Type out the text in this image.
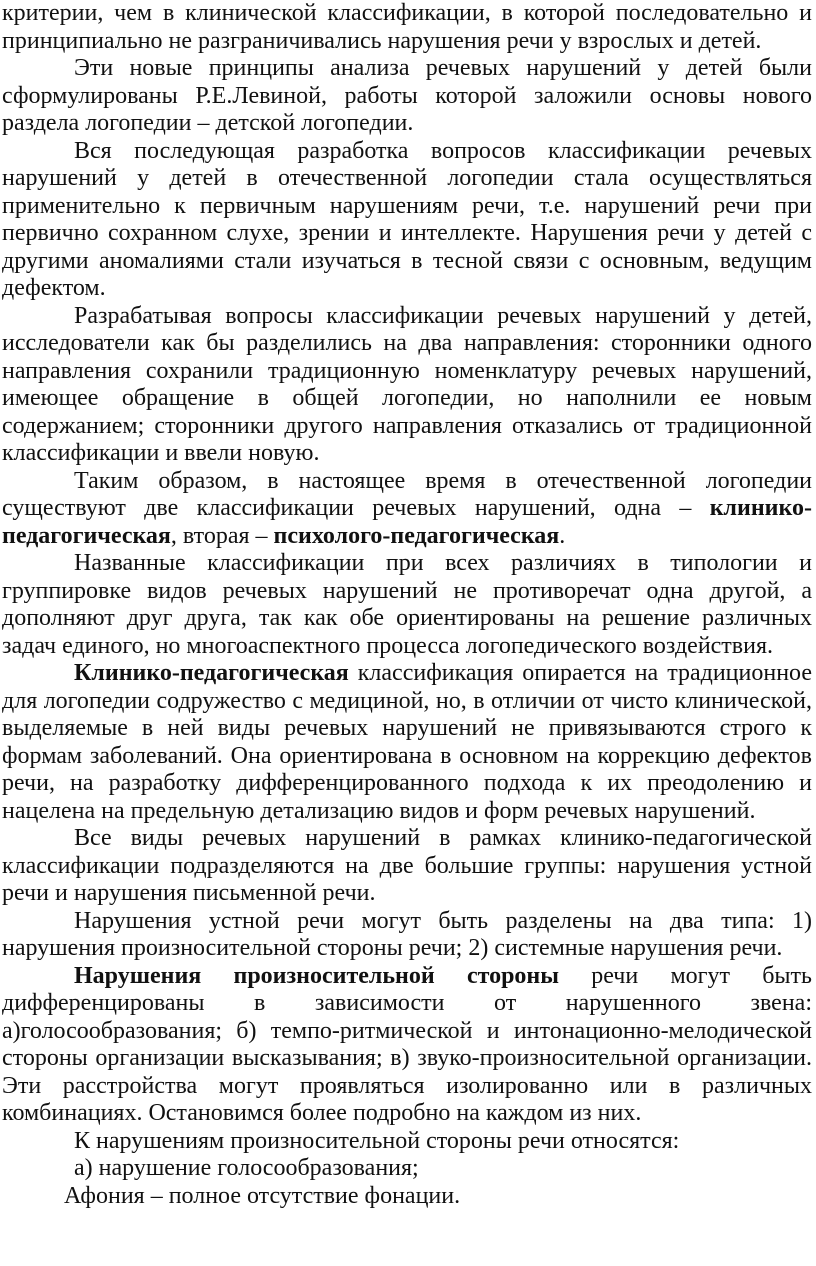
критерии, чем в клинической классификации, в которой последовательно и принципиально не разграничивались нарушения речи у взрослых и детей.

Эти новые принципы анализа речевых нарушений у детей были сформулированы Р.Е.Левиной, работы которой заложили основы нового раздела логопедии – детской логопедии.

Вся последующая разработка вопросов классификации речевых нарушений у детей в отечественной логопедии стала осуществляться применительно к первичным нарушениям речи, т.е. нарушений речи при первично сохранном слухе, зрении и интеллекте. Нарушения речи у детей с другими аномалиями стали изучаться в тесной связи с основным, ведущим дефектом.

Разрабатывая вопросы классификации речевых нарушений у детей, исследователи как бы разделились на два направления: сторонники одного направления сохранили традиционную номенклатуру речевых нарушений, имеющее обращение в общей логопедии, но наполнили ее новым содержанием; сторонники другого направления отказались от традиционной классификации и ввели новую.

Таким образом, в настоящее время в отечественной логопедии существуют две классификации речевых нарушений, одна – клинико-педагогическая, вторая – психолого-педагогическая.

Названные классификации при всех различиях в типологии и группировке видов речевых нарушений не противоречат одна другой, а дополняют друг друга, так как обе ориентированы на решение различных задач единого, но многоаспектного процесса логопедического воздействия.

Клинико-педагогическая классификация опирается на традиционное для логопедии содружество с медициной, но, в отличии от чисто клинической, выделяемые в ней виды речевых нарушений не привязываются строго к формам заболеваний. Она ориентирована в основном на коррекцию дефектов речи, на разработку дифференцированного подхода к их преодолению и нацелена на предельную детализацию видов и форм речевых нарушений.

Все виды речевых нарушений в рамках клинико-педагогической классификации подразделяются на две большие группы: нарушения устной речи и нарушения письменной речи.

Нарушения устной речи могут быть разделены на два типа: 1) нарушения произносительной стороны речи; 2) системные нарушения речи.

Нарушения произносительной стороны речи могут быть дифференцированы в зависимости от нарушенного звена: а)голосообразования; б) темпо-ритмической и интонационно-мелодической стороны организации высказывания; в) звуко-произносительной организации. Эти расстройства могут проявляться изолированно или в различных комбинациях. Остановимся более подробно на каждом из них.

К нарушениям произносительной стороны речи относятся:

а) нарушение голосообразования;

Афония – полное отсутствие фонации.
